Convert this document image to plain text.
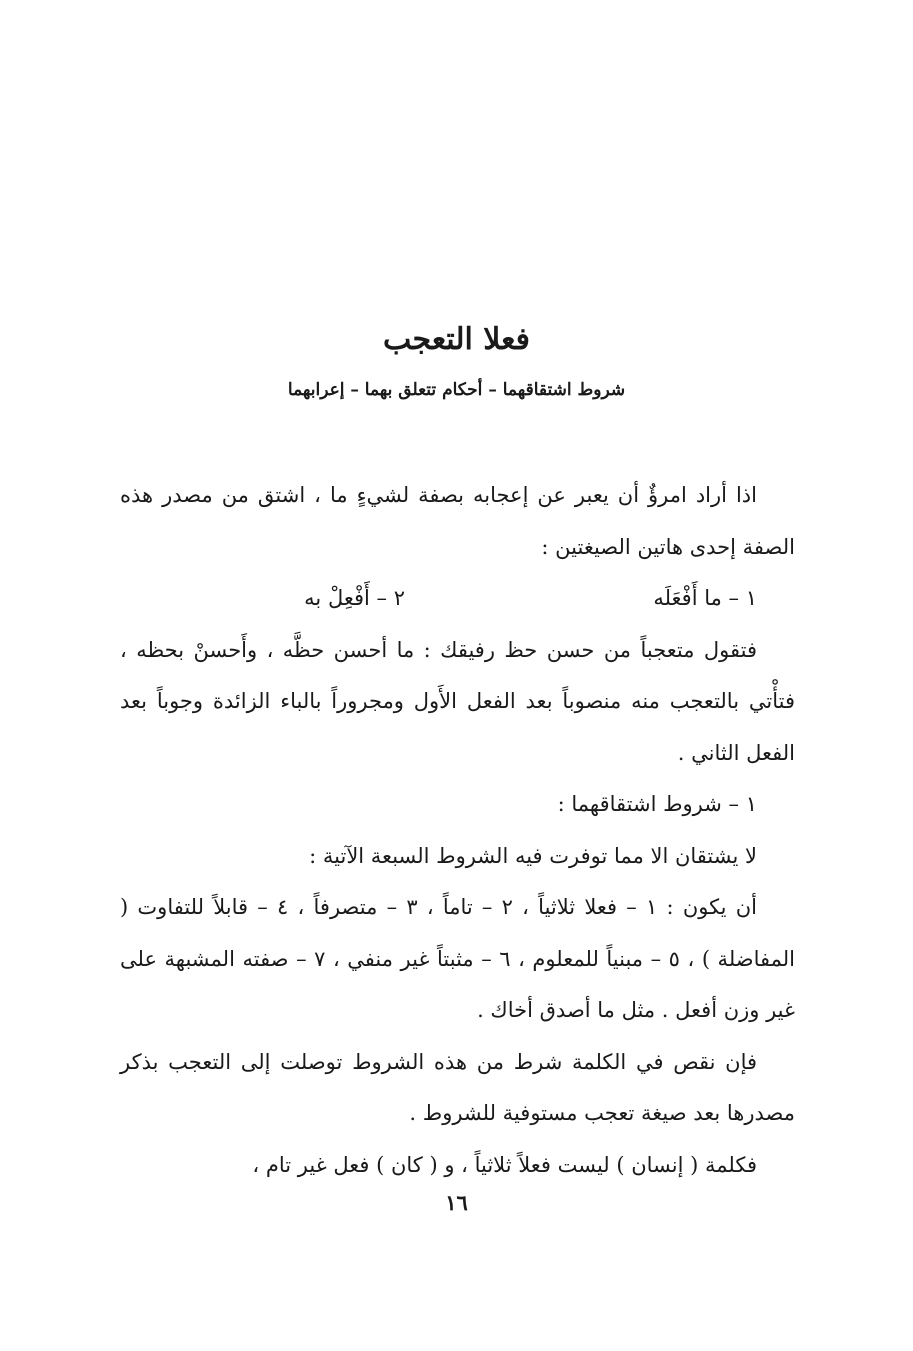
فعلا التعجب
شروط اشتقاقهما – أحكام تتعلق بهما – إعرابهما

اذا أراد امرؤٌ أن يعبر عن إعجابه بصفة لشيءٍ ما ، اشتق من مصدر هذه الصفة إحدى هاتين الصيغتين :

١ – ما أَفْعَلَه
٢ – أَفْعِلْ به

فتقول متعجباً من حسن حظ رفيقك : ما أحسن حظَّه ، وأَحسنْ بحظه ، فتأْتي بالتعجب منه منصوباً بعد الفعل الأَول ومجروراً بالباء الزائدة وجوباً بعد الفعل الثاني .

١ – شروط اشتقاقهما :

لا يشتقان الا مما توفرت فيه الشروط السبعة الآتية :

أن يكون : ١ – فعلا ثلاثياً ، ٢ – تاماً ، ٣ – متصرفاً ، ٤ – قابلاً للتفاوت ( المفاضلة ) ، ٥ – مبنياً للمعلوم ، ٦ – مثبتاً غير منفي ، ٧ – صفته المشبهة على غير وزن أفعل . مثل ما أصدق أخاك .

فإن نقص في الكلمة شرط من هذه الشروط توصلت إلى التعجب بذكر مصدرها بعد صيغة تعجب مستوفية للشروط .

فكلمة ( إنسان ) ليست فعلاً ثلاثياً ، و ( كان ) فعل غير تام ،

١٦
